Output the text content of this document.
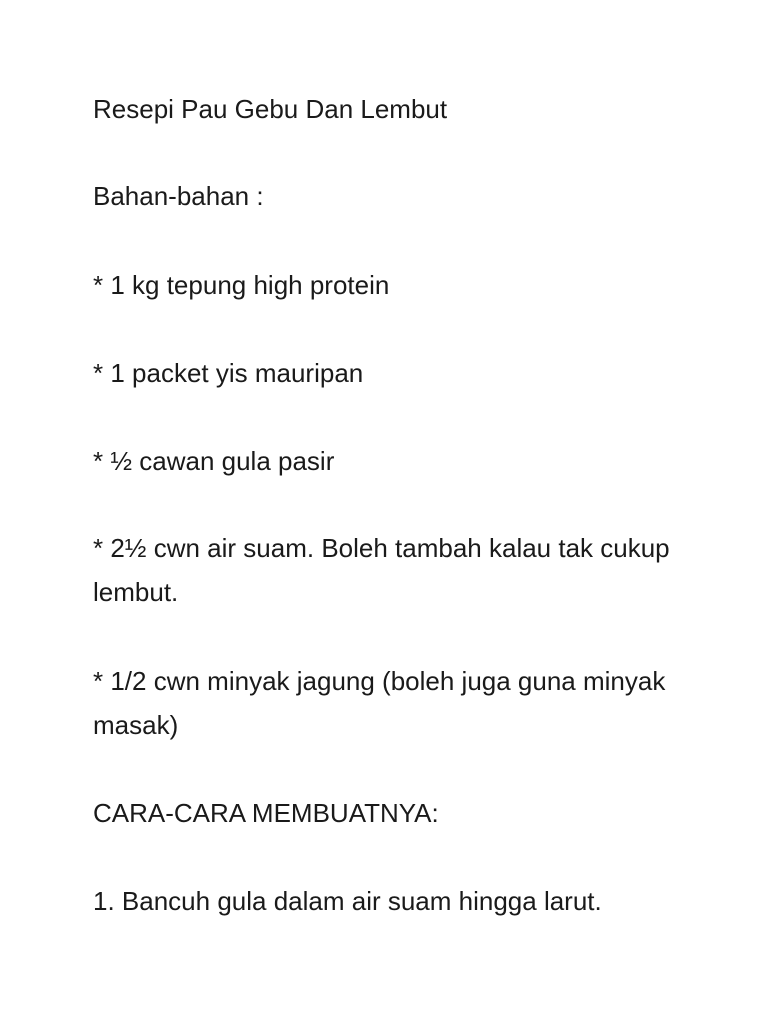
Resepi Pau Gebu Dan Lembut

Bahan-bahan :

* 1 kg tepung high protein

* 1 packet yis mauripan

* ½ cawan gula pasir

* 2½ cwn air suam. Boleh tambah kalau tak cukup lembut.

* 1/2 cwn minyak jagung (boleh juga guna minyak masak)

CARA-CARA MEMBUATNYA:

1. Bancuh gula dalam air suam hingga larut.
